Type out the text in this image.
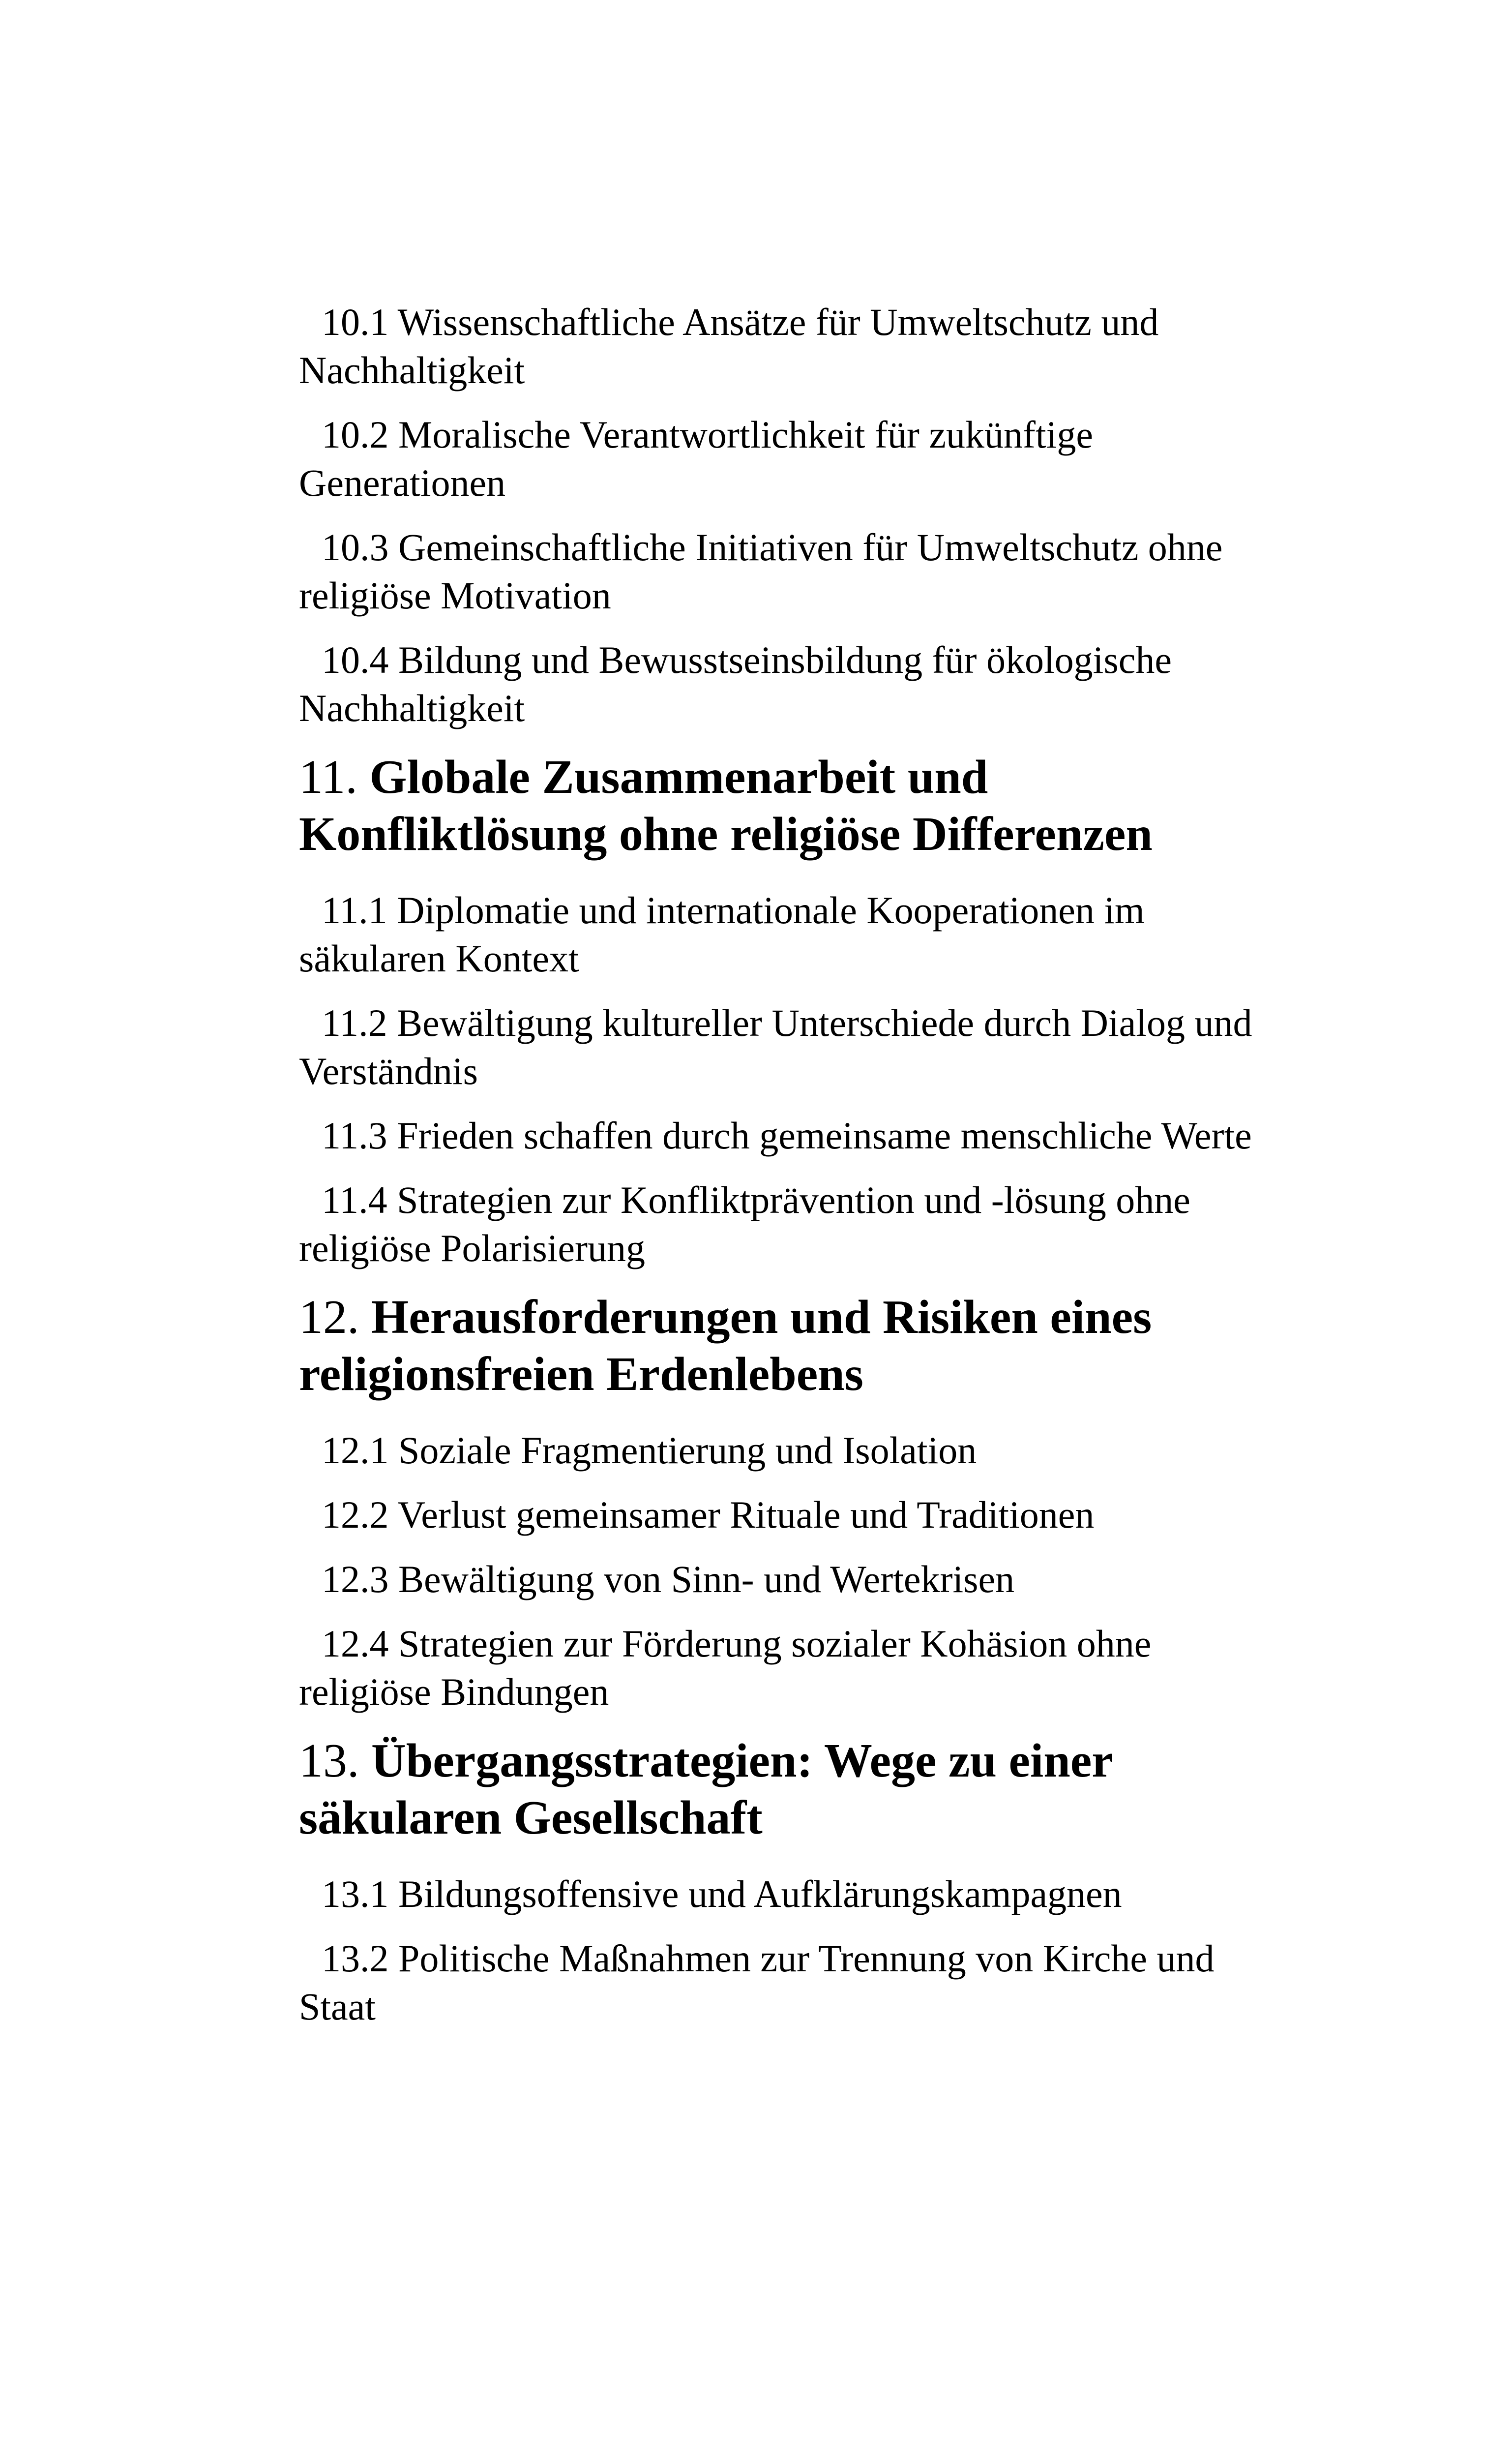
10.1 Wissenschaftliche Ansätze für Umweltschutz und Nachhaltigkeit

10.2 Moralische Verantwortlichkeit für zukünftige Generationen

10.3 Gemeinschaftliche Initiativen für Umweltschutz ohne religiöse Motivation

10.4 Bildung und Bewusstseinsbildung für ökologische Nachhaltigkeit

11. Globale Zusammenarbeit und Konfliktlösung ohne religiöse Differenzen

11.1 Diplomatie und internationale Kooperationen im säkularen Kontext

11.2 Bewältigung kultureller Unterschiede durch Dialog und Verständnis

11.3 Frieden schaffen durch gemeinsame menschliche Werte

11.4 Strategien zur Konfliktprävention und -lösung ohne religiöse Polarisierung

12. Herausforderungen und Risiken eines religionsfreien Erdenlebens

12.1 Soziale Fragmentierung und Isolation

12.2 Verlust gemeinsamer Rituale und Traditionen

12.3 Bewältigung von Sinn- und Wertekrisen

12.4 Strategien zur Förderung sozialer Kohäsion ohne religiöse Bindungen

13. Übergangsstrategien: Wege zu einer säkularen Gesellschaft

13.1 Bildungsoffensive und Aufklärungskampagnen

13.2 Politische Maßnahmen zur Trennung von Kirche und Staat
